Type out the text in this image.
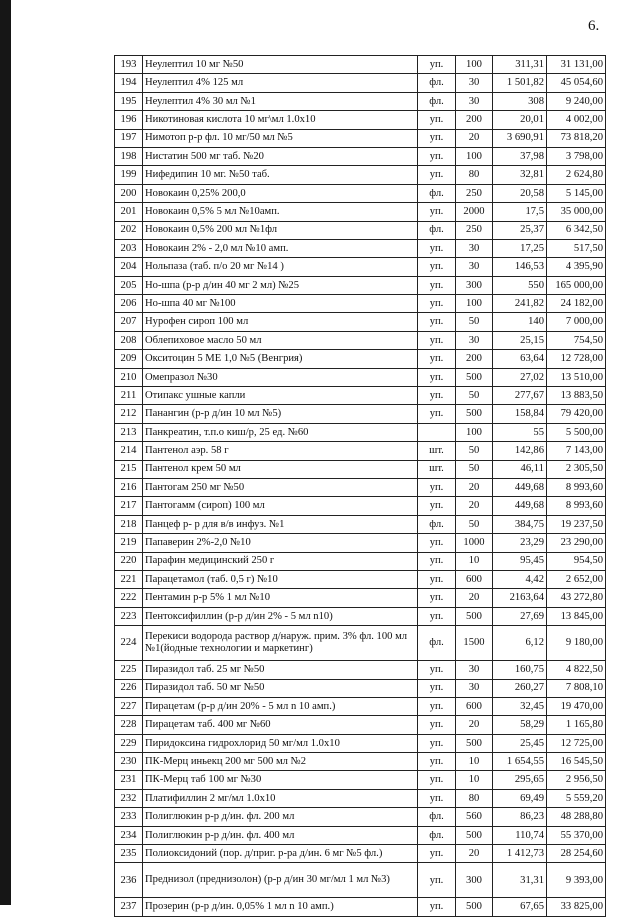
6.
193	Неулептил 10 мг №50	уп.	100	311,31	31 131,00
194	Неулептил 4% 125 мл	фл.	30	1 501,82	45 054,60
195	Неулептил 4% 30 мл №1	фл.	30	308	9 240,00
196	Никотиновая кислота 10 мг\мл 1.0х10	уп.	200	20,01	4 002,00
197	Нимотоп р-р фл. 10 мг/50 мл №5	уп.	20	3 690,91	73 818,20
198	Нистатин 500 мг таб. №20	уп.	100	37,98	3 798,00
199	Нифедипин 10 мг. №50 таб.	уп.	80	32,81	2 624,80
200	Новокаин 0,25% 200,0	фл.	250	20,58	5 145,00
201	Новокаин 0,5% 5 мл №10амп.	уп.	2000	17,5	35 000,00
202	Новокаин 0,5% 200 мл №1фл	фл.	250	25,37	6 342,50
203	Новокаин 2% - 2,0 мл №10 амп.	уп.	30	17,25	517,50
204	Нольпаза (таб. п/о 20 мг №14 )	уп.	30	146,53	4 395,90
205	Но-шпа (р-р д/ин 40 мг 2 мл) №25	уп.	300	550	165 000,00
206	Но-шпа 40 мг №100	уп.	100	241,82	24 182,00
207	Нурофен сироп 100 мл	уп.	50	140	7 000,00
208	Облепиховое масло 50 мл	уп.	30	25,15	754,50
209	Окситоцин 5 МЕ 1,0 №5 (Венгрия)	уп.	200	63,64	12 728,00
210	Омепразол №30	уп.	500	27,02	13 510,00
211	Отипакс ушные капли	уп.	50	277,67	13 883,50
212	Панангин (р-р д/ин 10 мл №5)	уп.	500	158,84	79 420,00
213	Панкреатин, т.п.о киш/р, 25 ед. №60		100	55	5 500,00
214	Пантенол аэр. 58 г	шт.	50	142,86	7 143,00
215	Пантенол крем 50 мл	шт.	50	46,11	2 305,50
216	Пантогам 250 мг №50	уп.	20	449,68	8 993,60
217	Пантогамм (сироп) 100 мл	уп.	20	449,68	8 993,60
218	Панцеф р- р для в/в инфуз. №1	фл.	50	384,75	19 237,50
219	Папаверин 2%-2,0 №10	уп.	1000	23,29	23 290,00
220	Парафин медицинский 250 г	уп.	10	95,45	954,50
221	Парацетамол (таб. 0,5 г) №10	уп.	600	4,42	2 652,00
222	Пентамин р-р 5% 1 мл №10	уп.	20	2163,64	43 272,80
223	Пентоксифиллин (р-р д/ин 2% - 5 мл n10)	уп.	500	27,69	13 845,00
224	Перекиси водорода раствор д/наруж. прим. 3% фл. 100 мл №1(йодные технологии и маркетинг)	фл.	1500	6,12	9 180,00
225	Пиразидол таб. 25 мг №50	уп.	30	160,75	4 822,50
226	Пиразидол таб. 50 мг №50	уп.	30	260,27	7 808,10
227	Пирацетам (р-р д/ин 20% - 5 мл n 10 амп.)	уп.	600	32,45	19 470,00
228	Пирацетам таб. 400 мг №60	уп.	20	58,29	1 165,80
229	Пиридоксина гидрохлорид 50 мг/мл 1.0х10	уп.	500	25,45	12 725,00
230	ПК-Мерц иньекц 200 мг 500 мл №2	уп.	10	1 654,55	16 545,50
231	ПК-Мерц таб 100 мг №30	уп.	10	295,65	2 956,50
232	Платифиллин 2 мг/мл 1.0х10	уп.	80	69,49	5 559,20
233	Полиглюкин р-р д/ин. фл. 200 мл	фл.	560	86,23	48 288,80
234	Полиглюкин р-р д/ин. фл. 400 мл	фл.	500	110,74	55 370,00
235	Полиоксидоний (пор. д/приг. р-ра д/ин. 6 мг №5 фл.)	уп.	20	1 412,73	28 254,60
236	Преднизол (преднизолон) (р-р д/ин 30 мг/мл 1 мл №3)	уп.	300	31,31	9 393,00
237	Прозерин (р-р д/ин. 0,05% 1 мл n 10 амп.)	уп.	500	67,65	33 825,00
